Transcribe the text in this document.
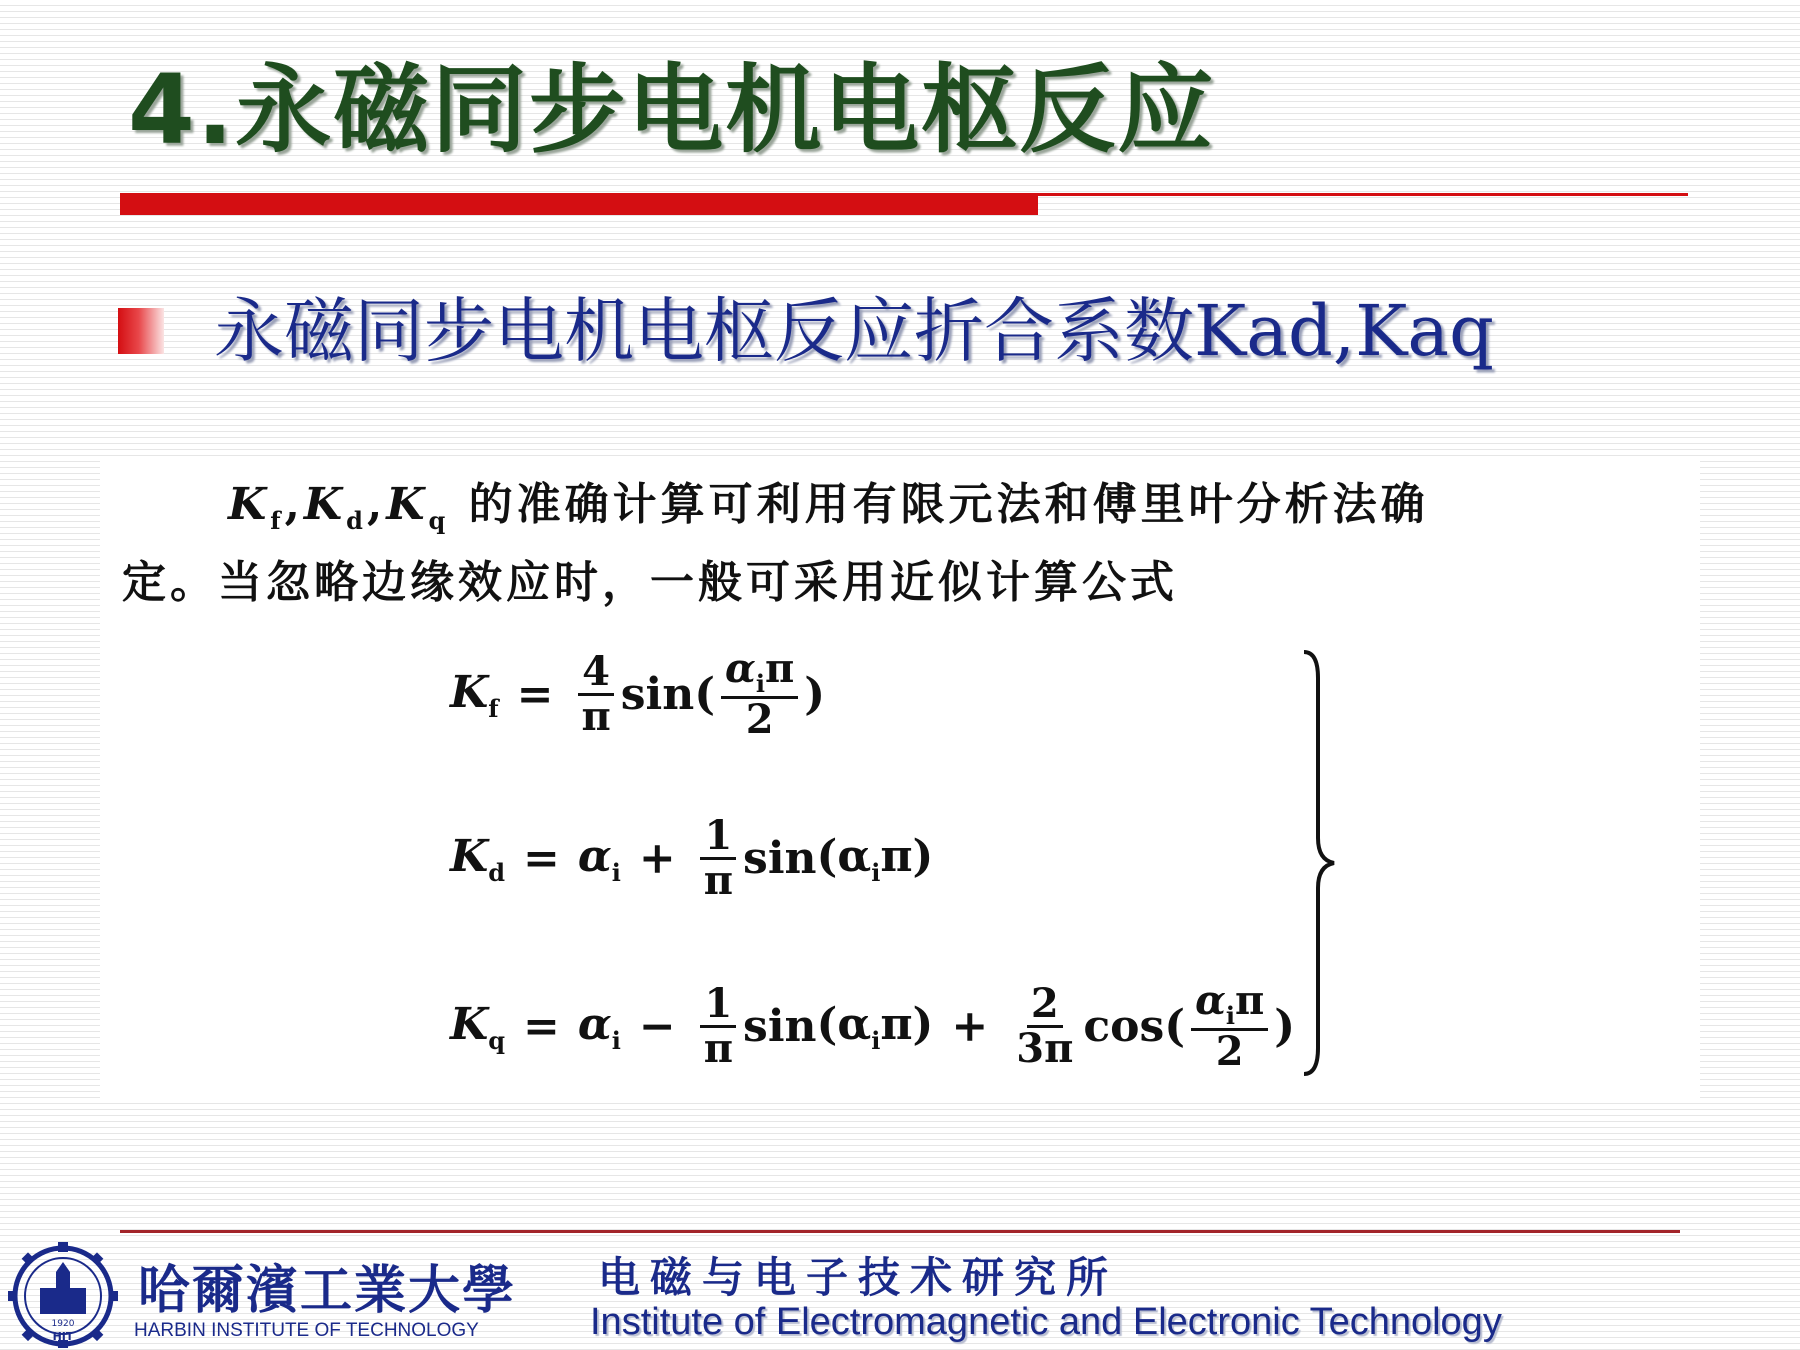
4.永磁同步电机电枢反应
永磁同步电机电枢反应折合系数Kad,Kaq

$K_f,K_d,K_q$ 的准确计算可利用有限元法和傅里叶分析法确

定。当忽略边缘效应时，一般可采用近似计算公式

$K_f = \frac{4}{\pi}$ sin ( $\frac{\alpha_i\pi}{2}$ )
$K_d = \alpha_i + \frac{1}{\pi}$ $\sin (\alpha_i\pi)$
$K_q = \alpha_i - \frac{1}{\pi}$ $\sin (\alpha_i\pi) + \frac{2}{3\pi}$ cos ( $\frac{\alpha_i\pi}{2}$ )
1920
HIT
哈爾濱工業大學
HARBIN INSTITUTE OF TECHNOLOGY
电磁与电子技术研究所
Institute of Electromagnetic and Electronic Technology
